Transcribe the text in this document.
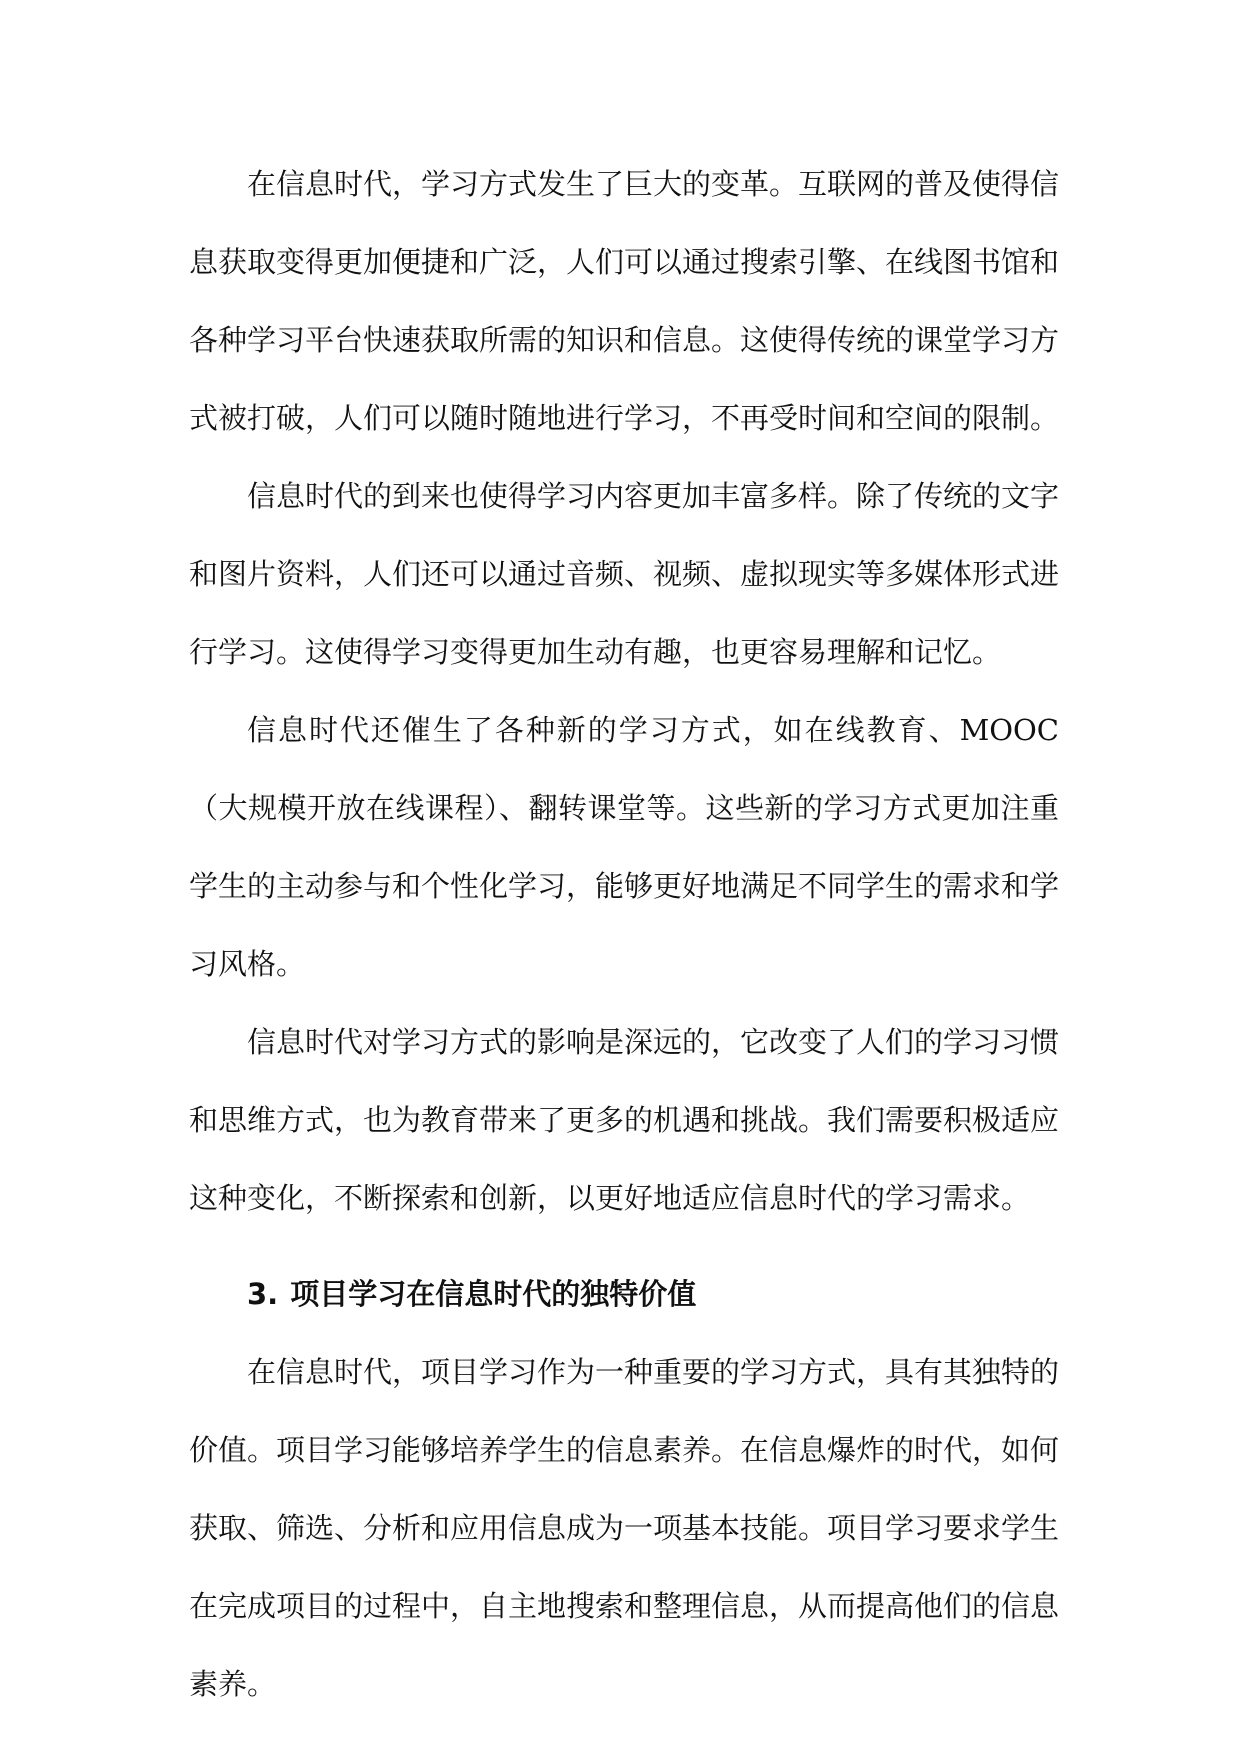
在信息时代，学习方式发生了巨大的变革。互联网的普及使得信息获取变得更加便捷和广泛，人们可以通过搜索引擎、在线图书馆和各种学习平台快速获取所需的知识和信息。这使得传统的课堂学习方式被打破，人们可以随时随地进行学习，不再受时间和空间的限制。

信息时代的到来也使得学习内容更加丰富多样。除了传统的文字和图片资料，人们还可以通过音频、视频、虚拟现实等多媒体形式进行学习。这使得学习变得更加生动有趣，也更容易理解和记忆。

信息时代还催生了各种新的学习方式，如在线教育、MOOC（大规模开放在线课程）、翻转课堂等。这些新的学习方式更加注重学生的主动参与和个性化学习，能够更好地满足不同学生的需求和学习风格。

信息时代对学习方式的影响是深远的，它改变了人们的学习习惯和思维方式，也为教育带来了更多的机遇和挑战。我们需要积极适应这种变化，不断探索和创新，以更好地适应信息时代的学习需求。

3. 项目学习在信息时代的独特价值

在信息时代，项目学习作为一种重要的学习方式，具有其独特的价值。项目学习能够培养学生的信息素养。在信息爆炸的时代，如何获取、筛选、分析和应用信息成为一项基本技能。项目学习要求学生在完成项目的过程中，自主地搜索和整理信息，从而提高他们的信息素养。
